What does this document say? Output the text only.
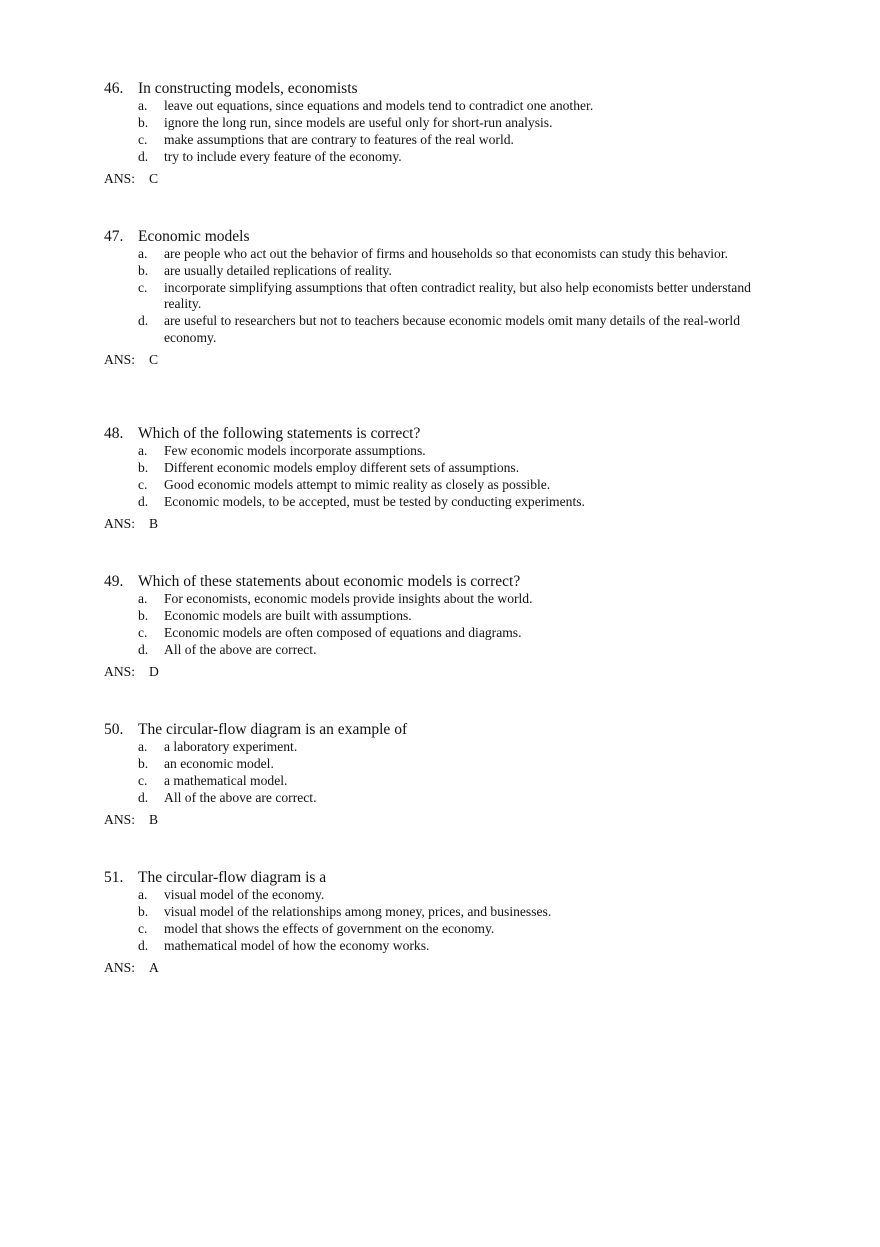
46. In constructing models, economists
a. leave out equations, since equations and models tend to contradict one another.
b. ignore the long run, since models are useful only for short-run analysis.
c. make assumptions that are contrary to features of the real world.
d. try to include every feature of the economy.
ANS: C
47. Economic models
a. are people who act out the behavior of firms and households so that economists can study this behavior.
b. are usually detailed replications of reality.
c. incorporate simplifying assumptions that often contradict reality, but also help economists better understand reality.
d. are useful to researchers but not to teachers because economic models omit many details of the real-world economy.
ANS: C
48. Which of the following statements is correct?
a. Few economic models incorporate assumptions.
b. Different economic models employ different sets of assumptions.
c. Good economic models attempt to mimic reality as closely as possible.
d. Economic models, to be accepted, must be tested by conducting experiments.
ANS: B
49. Which of these statements about economic models is correct?
a. For economists, economic models provide insights about the world.
b. Economic models are built with assumptions.
c. Economic models are often composed of equations and diagrams.
d. All of the above are correct.
ANS: D
50. The circular-flow diagram is an example of
a. a laboratory experiment.
b. an economic model.
c. a mathematical model.
d. All of the above are correct.
ANS: B
51. The circular-flow diagram is a
a. visual model of the economy.
b. visual model of the relationships among money, prices, and businesses.
c. model that shows the effects of government on the economy.
d. mathematical model of how the economy works.
ANS: A
